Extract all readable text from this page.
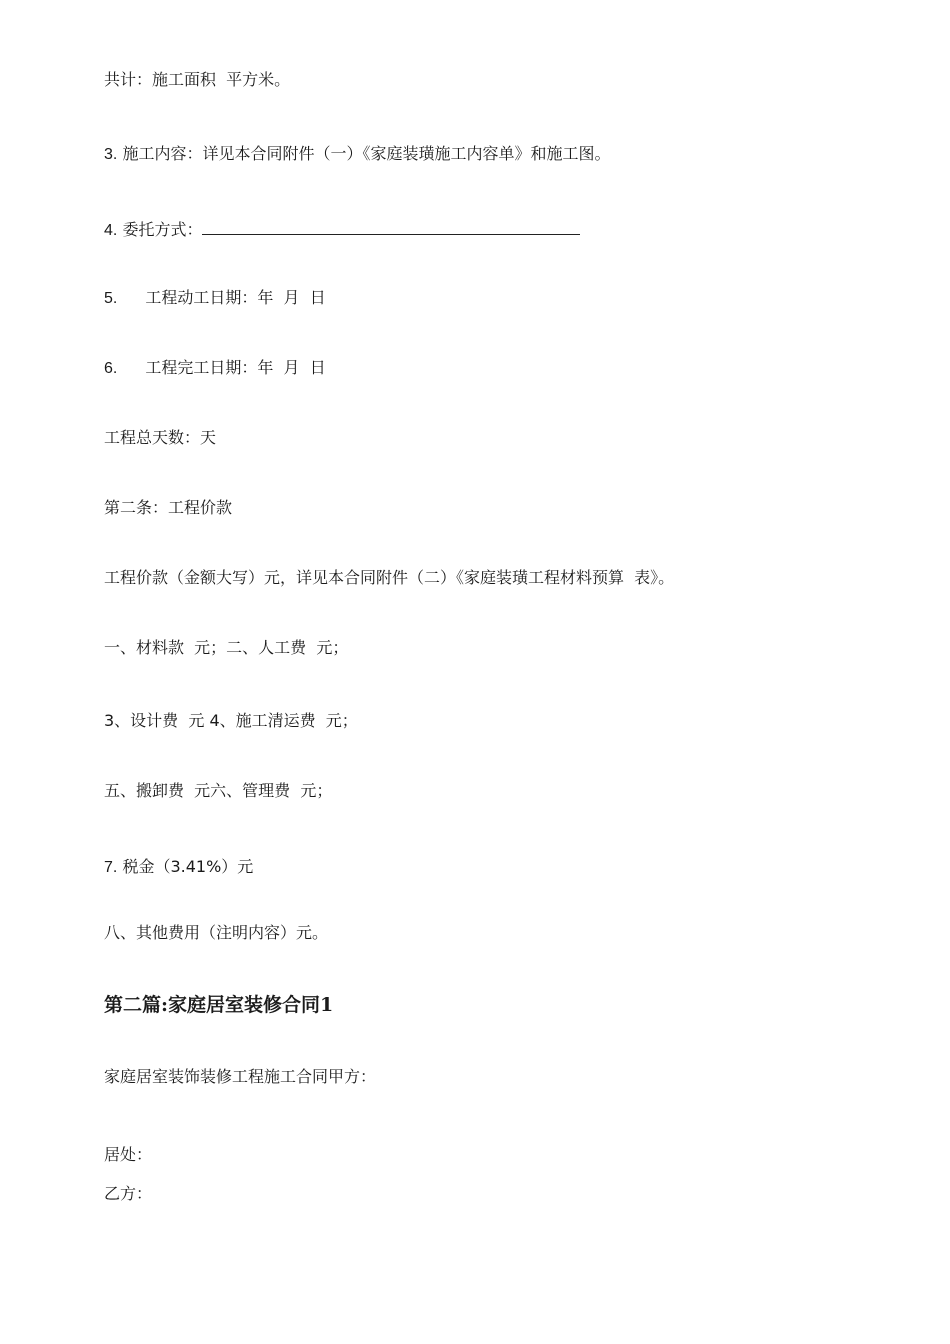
共计：施工面积  平方米。
3. 施工内容：详见本合同附件（一）《家庭装璜施工内容单》和施工图。
4. 委托方式：
5. 工程动工日期：年  月  日
6. 工程完工日期：年  月  日
工程总天数：天
第二条：工程价款
工程价款（金额大写）元，详见本合同附件（二）《家庭装璜工程材料预算  表》。
一、材料款  元；二、人工费  元；
3、设计费  元 4、施工清运费  元；
五、搬卸费  元六、管理费  元；
7. 税金（3.41%）元
八、其他费用（注明内容）元。
第二篇:家庭居室装修合同1
家庭居室装饰装修工程施工合同甲方：
居处：
乙方：
